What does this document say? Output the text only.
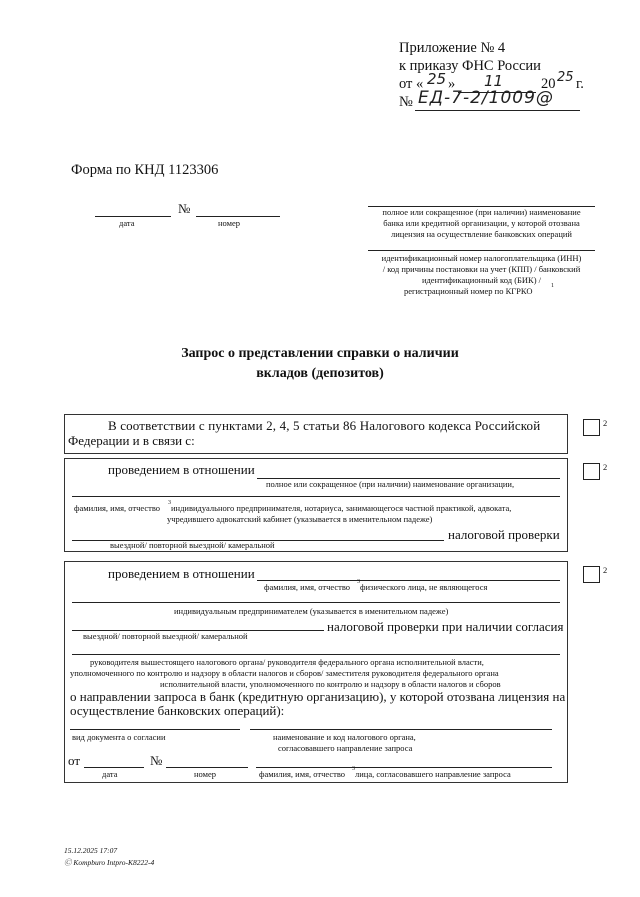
Приложение № 4
к приказу ФНС России
от « 25 » 11	20 25 г.
№ ЕД-7-2/1009@
Форма по КНД 1123306
№
дата	номер
полное или сокращенное (при наличии) наименование
банка или кредитной организации, у которой отозвана
лицензия на осуществление банковских операций
идентификационный номер налогоплательщика (ИНН)
/ код причины постановки на учет (КПП) / банковский
идентификационный код (БИК) /
регистрационный номер по КГРКО	1
Запрос о представлении справки о наличии
вкладов (депозитов)
В соответствии с пунктами 2, 4, 5 статьи 86 Налогового кодекса Российской
Федерации и в связи с:
2
проведением в отношении
полное или сокращенное (при наличии) наименование организации,
фамилия, имя, отчество 3 индивидуального предпринимателя, нотариуса, занимающегося частной практикой, адвоката,
учредившего адвокатский кабинет (указывается в именительном падеже)
налоговой проверки
выездной/ повторной выездной/ камеральной
2
проведением в отношении
фамилия, имя, отчество 3 физического лица, не являющегося
индивидуальным предпринимателем (указывается в именительном падеже)
налоговой проверки при наличии согласия
выездной/ повторной выездной/ камеральной
руководителя вышестоящего налогового органа/ руководителя федерального органа исполнительной власти,
уполномоченного по контролю и надзору в области налогов и сборов/ заместителя руководителя федерального органа
исполнительной власти, уполномоченного по контролю и надзору в области налогов и сборов
о направлении запроса в банк (кредитную организацию), у которой отозвана лицензия на
осуществление банковских операций):
вид документа о согласии	наименование и код налогового органа,
согласовавшего направление запроса
от	№
дата	номер	фамилия, имя, отчество 3 лица, согласовавшего направление запроса
2
15.12.2025 17:07
Ⓒ Kompburo Intpro-K8222-4
